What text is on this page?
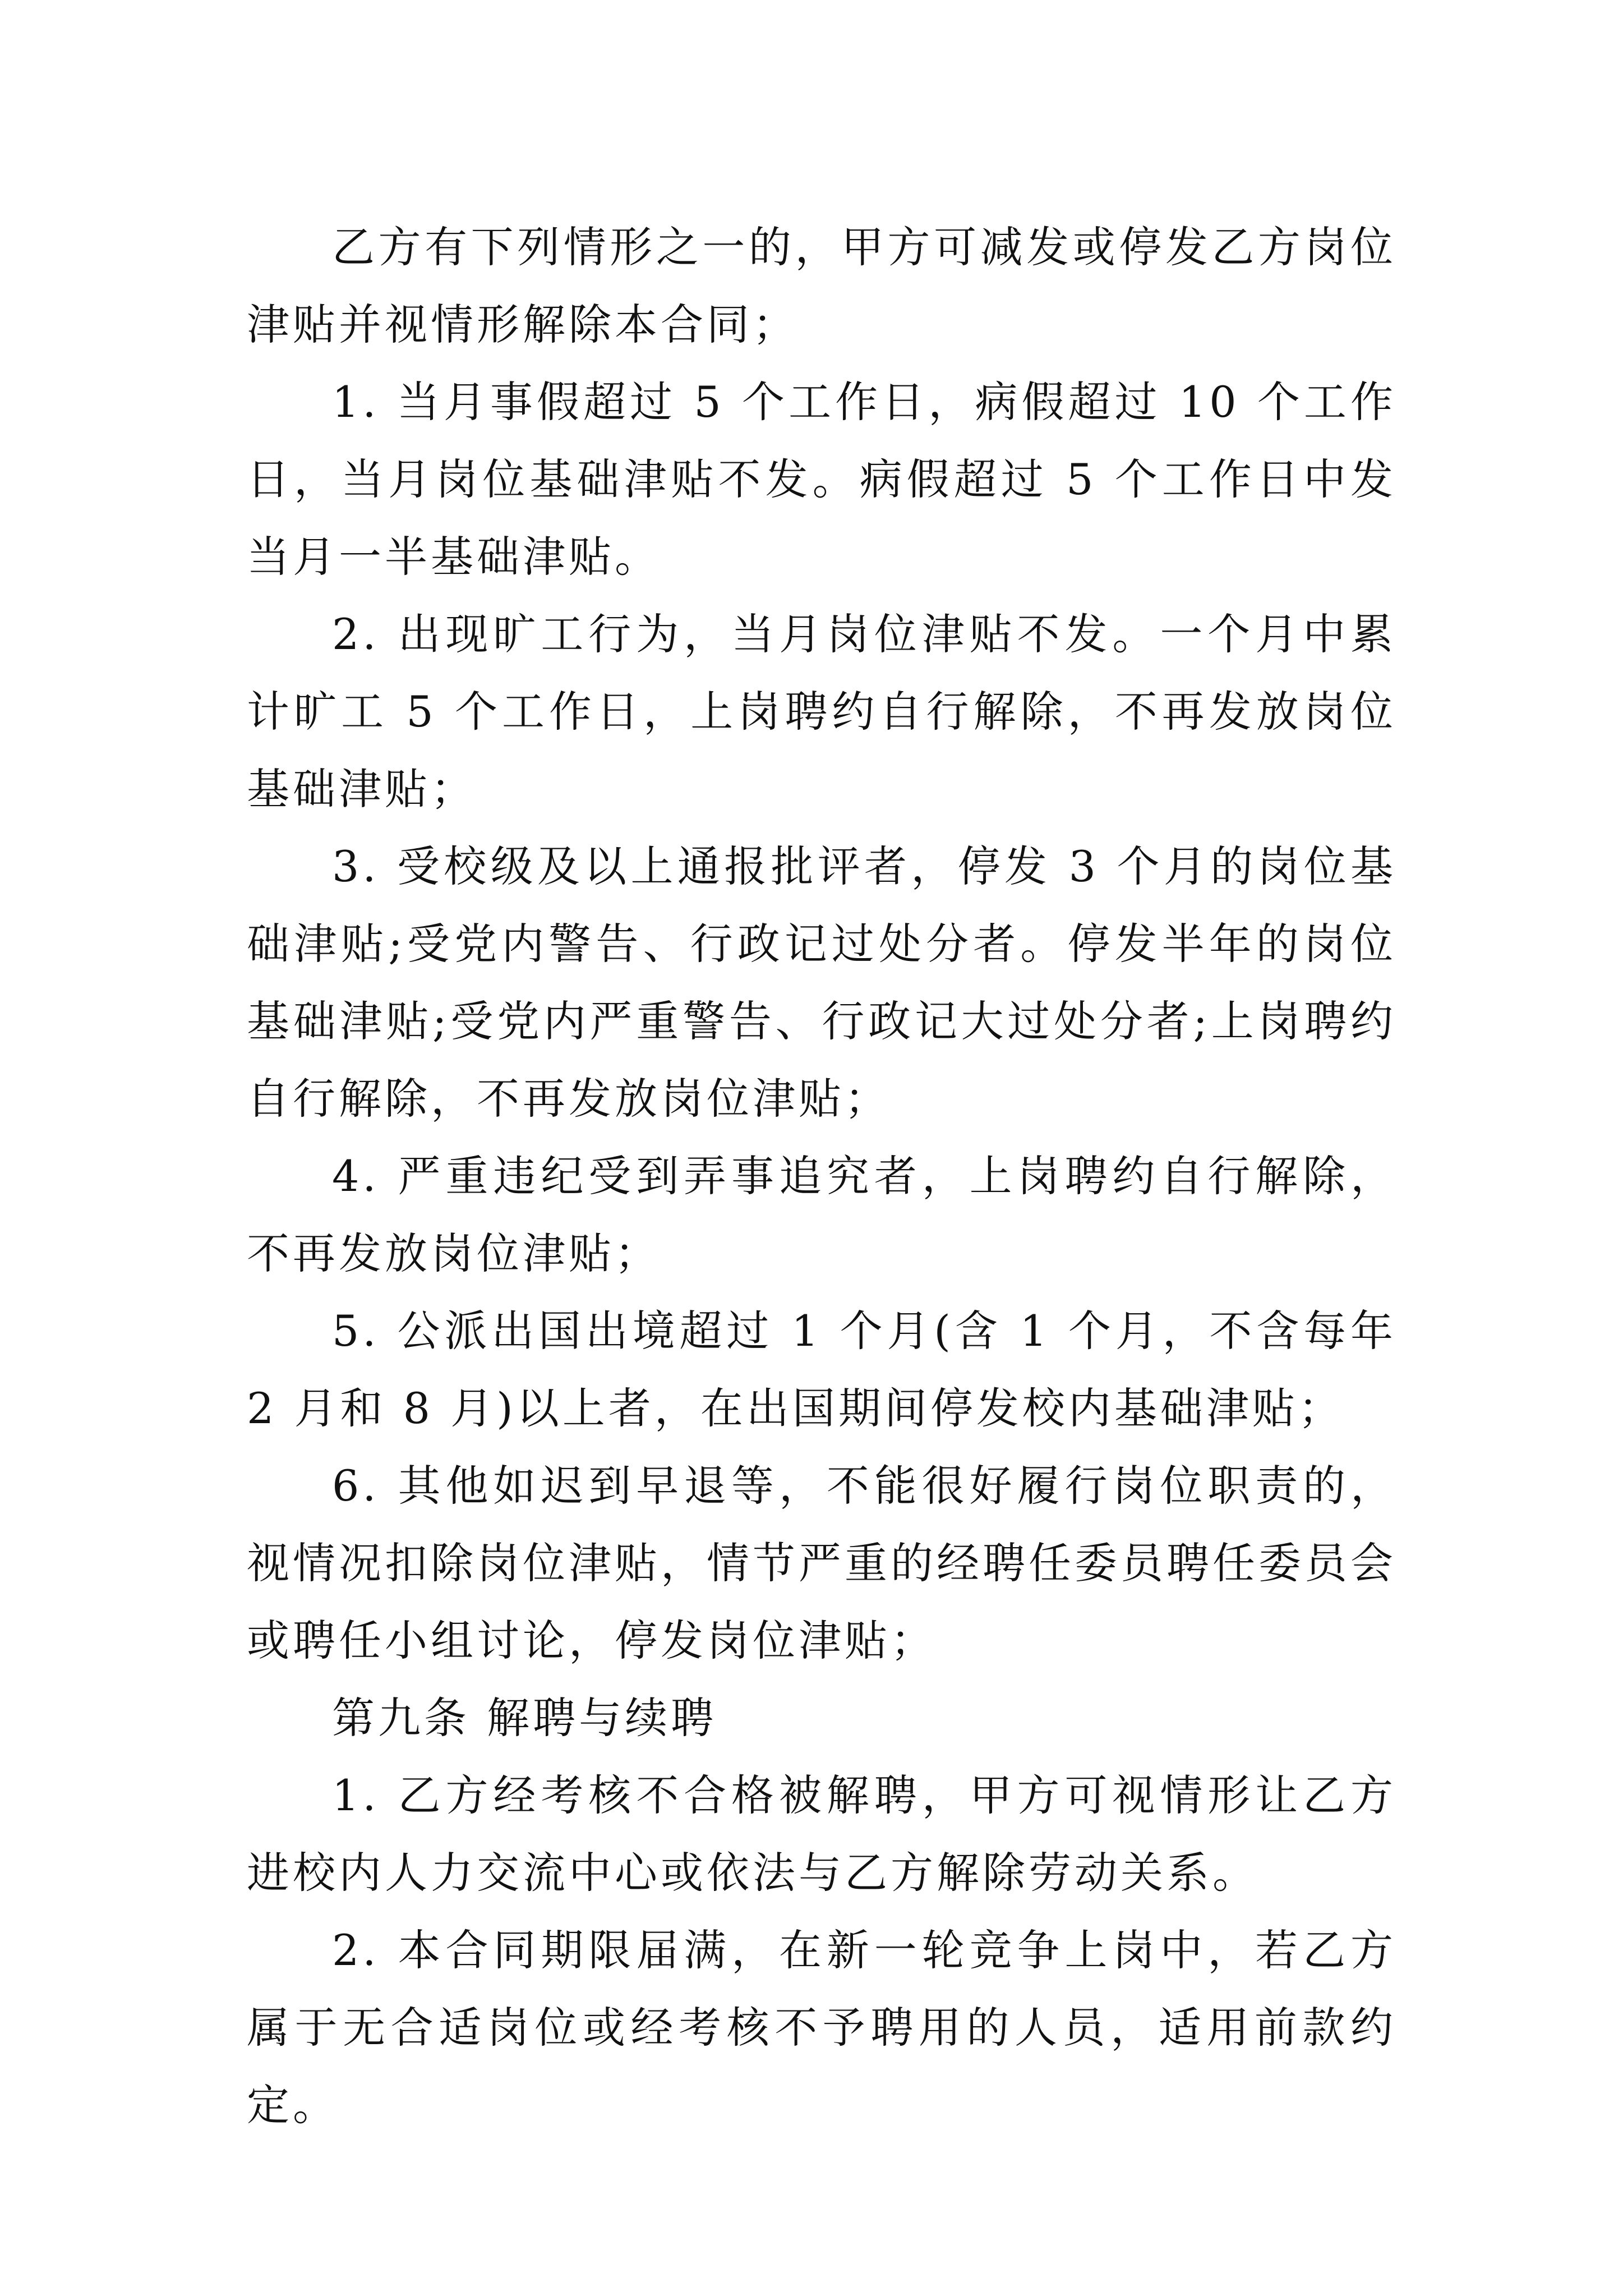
乙方有下列情形之一的，甲方可减发或停发乙方岗位津贴并视情形解除本合同；

1. 当月事假超过 5 个工作日，病假超过 10 个工作日，当月岗位基础津贴不发。病假超过 5 个工作日中发当月一半基础津贴。

2. 出现旷工行为，当月岗位津贴不发。一个月中累计旷工 5 个工作日，上岗聘约自行解除，不再发放岗位基础津贴；

3. 受校级及以上通报批评者，停发 3 个月的岗位基础津贴;受党内警告、行政记过处分者。停发半年的岗位基础津贴;受党内严重警告、行政记大过处分者;上岗聘约自行解除，不再发放岗位津贴；

4. 严重违纪受到弄事追究者，上岗聘约自行解除，不再发放岗位津贴；

5. 公派出国出境超过 1 个月(含 1 个月，不含每年 2 月和 8 月)以上者，在出国期间停发校内基础津贴；

6. 其他如迟到早退等，不能很好履行岗位职责的，视情况扣除岗位津贴，情节严重的经聘任委员聘任委员会或聘任小组讨论，停发岗位津贴；

第九条 解聘与续聘

1. 乙方经考核不合格被解聘，甲方可视情形让乙方进校内人力交流中心或依法与乙方解除劳动关系。

2. 本合同期限届满，在新一轮竞争上岗中，若乙方属于无合适岗位或经考核不予聘用的人员，适用前款约定。
